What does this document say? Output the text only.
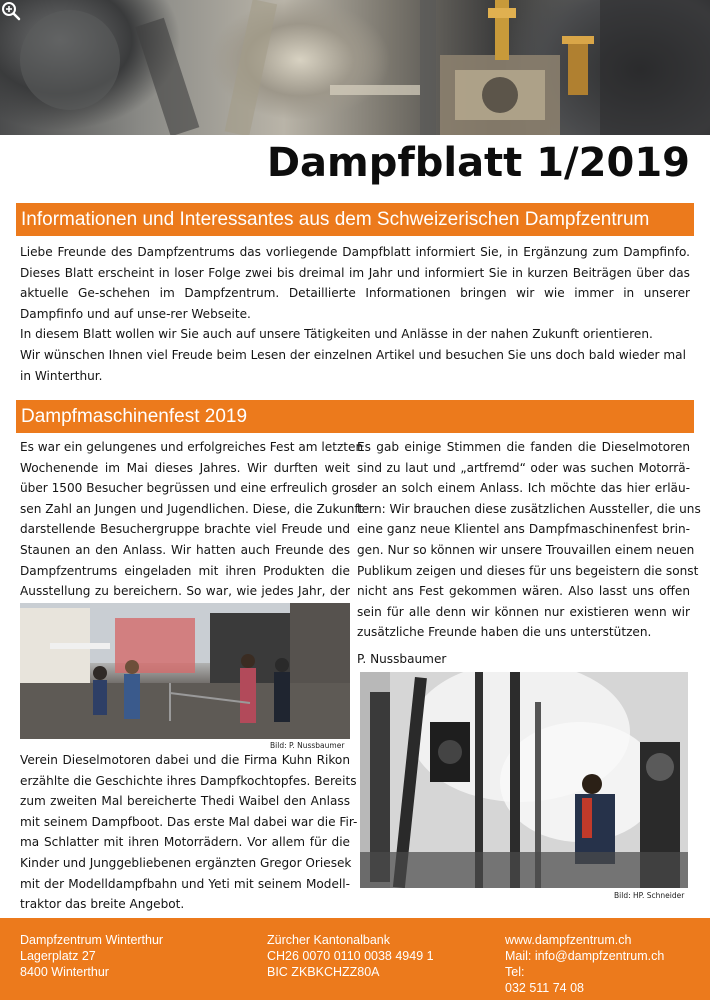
Dampfblatt 1/2019
Informationen und Interessantes aus dem Schweizerischen Dampfzentrum

Liebe Freunde des Dampfzentrums das vorliegende Dampfblatt informiert Sie, in Ergänzung zum Dampfinfo. Dieses Blatt erscheint in loser Folge zwei bis dreimal im Jahr und informiert Sie in kurzen Beiträgen über das aktuelle Ge-schehen im Dampfzentrum. Detaillierte Informationen bringen wir wie immer in unserer Dampfinfo und auf unse-rer Webseite.

In diesem Blatt wollen wir Sie auch auf unsere Tätigkeiten und Anlässe in der nahen Zukunft orientieren.

Wir wünschen Ihnen viel Freude beim Lesen der einzelnen Artikel und besuchen Sie uns doch bald wieder mal in Winterthur.

Dampfmaschinenfest 2019
Es war ein gelungenes und erfolgreiches Fest am letzten
Wochenende im Mai dieses Jahres. Wir durften weit
über 1500 Besucher begrüssen und eine erfreulich gros-
sen Zahl an Jungen und Jugendlichen. Diese, die Zukunft
darstellende Besuchergruppe brachte viel Freude und
Staunen an den Anlass. Wir hatten auch Freunde des
Dampfzentrums eingeladen mit ihren Produkten die
Ausstellung zu bereichern. So war, wie jedes Jahr, der
Bild: P. Nussbaumer
Verein Dieselmotoren dabei und die Firma Kuhn Rikon
erzählte die Geschichte ihres Dampfkochtopfes. Bereits
zum zweiten Mal bereicherte Thedi Waibel den Anlass
mit seinem Dampfboot. Das erste Mal dabei war die Fir-
ma Schlatter mit ihren Motorrädern. Vor allem für die
Kinder und Junggebliebenen ergänzten Gregor Oriesek
mit der Modelldampfbahn und Yeti mit seinem Modell-
traktor das breite Angebot.
Es gab einige Stimmen die fanden die Dieselmotoren
sind zu laut und „artfremd“ oder was suchen Motorrä-
der an solch einem Anlass. Ich möchte das hier erläu-
tern: Wir brauchen diese zusätzlichen Aussteller, die uns
eine ganz neue Klientel ans Dampfmaschinenfest brin-
gen. Nur so können wir unsere Trouvaillen einem neuen
Publikum zeigen und dieses für uns begeistern die sonst
nicht ans Fest gekommen wären. Also lasst uns offen
sein für alle denn wir können nur existieren wenn wir
zusätzliche Freunde haben die uns unterstützen.
P. Nussbaumer
Bild: HP. Schneider
Dampfzentrum Winterthur
Lagerplatz 27
8400 Winterthur
Zürcher Kantonalbank
CH26 0070 0110 0038 4949 1
BIC ZKBKCHZZ80A
www.dampfzentrum.ch
Mail: info@dampfzentrum.ch
Tel:
032 511 74 08
